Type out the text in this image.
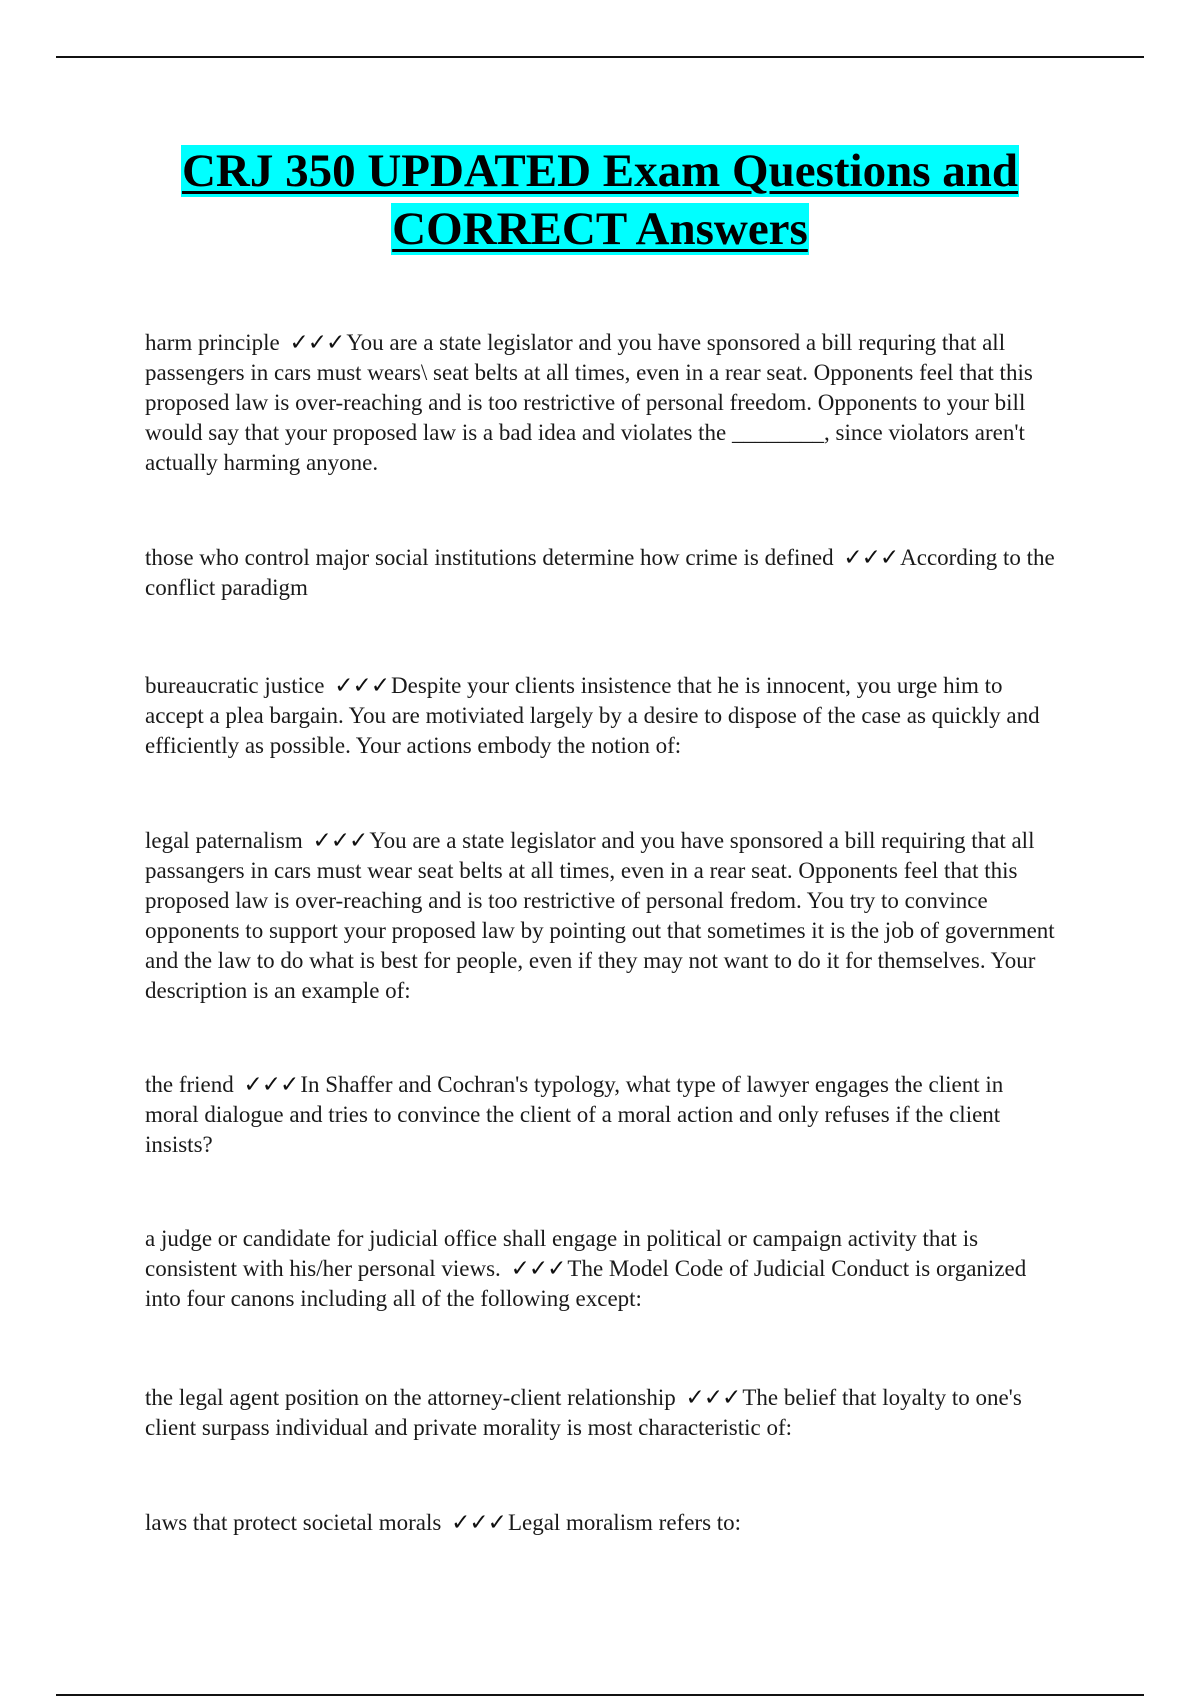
CRJ 350 UPDATED Exam Questions and
CORRECT Answers

harm principle ✓✓✓You are a state legislator and you have sponsored a bill requring that all passengers in cars must wears\ seat belts at all times, even in a rear seat. Opponents feel that this proposed law is over-reaching and is too restrictive of personal freedom. Opponents to your bill would say that your proposed law is a bad idea and violates the ________, since violators aren't actually harming anyone.

those who control major social institutions determine how crime is defined ✓✓✓According to the conflict paradigm

bureaucratic justice ✓✓✓Despite your clients insistence that he is innocent, you urge him to accept a plea bargain. You are motiviated largely by a desire to dispose of the case as quickly and efficiently as possible. Your actions embody the notion of:

legal paternalism ✓✓✓You are a state legislator and you have sponsored a bill requiring that all passangers in cars must wear seat belts at all times, even in a rear seat. Opponents feel that this proposed law is over-reaching and is too restrictive of personal fredom. You try to convince opponents to support your proposed law by pointing out that sometimes it is the job of government and the law to do what is best for people, even if they may not want to do it for themselves. Your description is an example of:

the friend ✓✓✓In Shaffer and Cochran's typology, what type of lawyer engages the client in moral dialogue and tries to convince the client of a moral action and only refuses if the client insists?

a judge or candidate for judicial office shall engage in political or campaign activity that is consistent with his/her personal views. ✓✓✓The Model Code of Judicial Conduct is organized into four canons including all of the following except:

the legal agent position on the attorney-client relationship ✓✓✓The belief that loyalty to one's client surpass individual and private morality is most characteristic of:

laws that protect societal morals ✓✓✓Legal moralism refers to:
